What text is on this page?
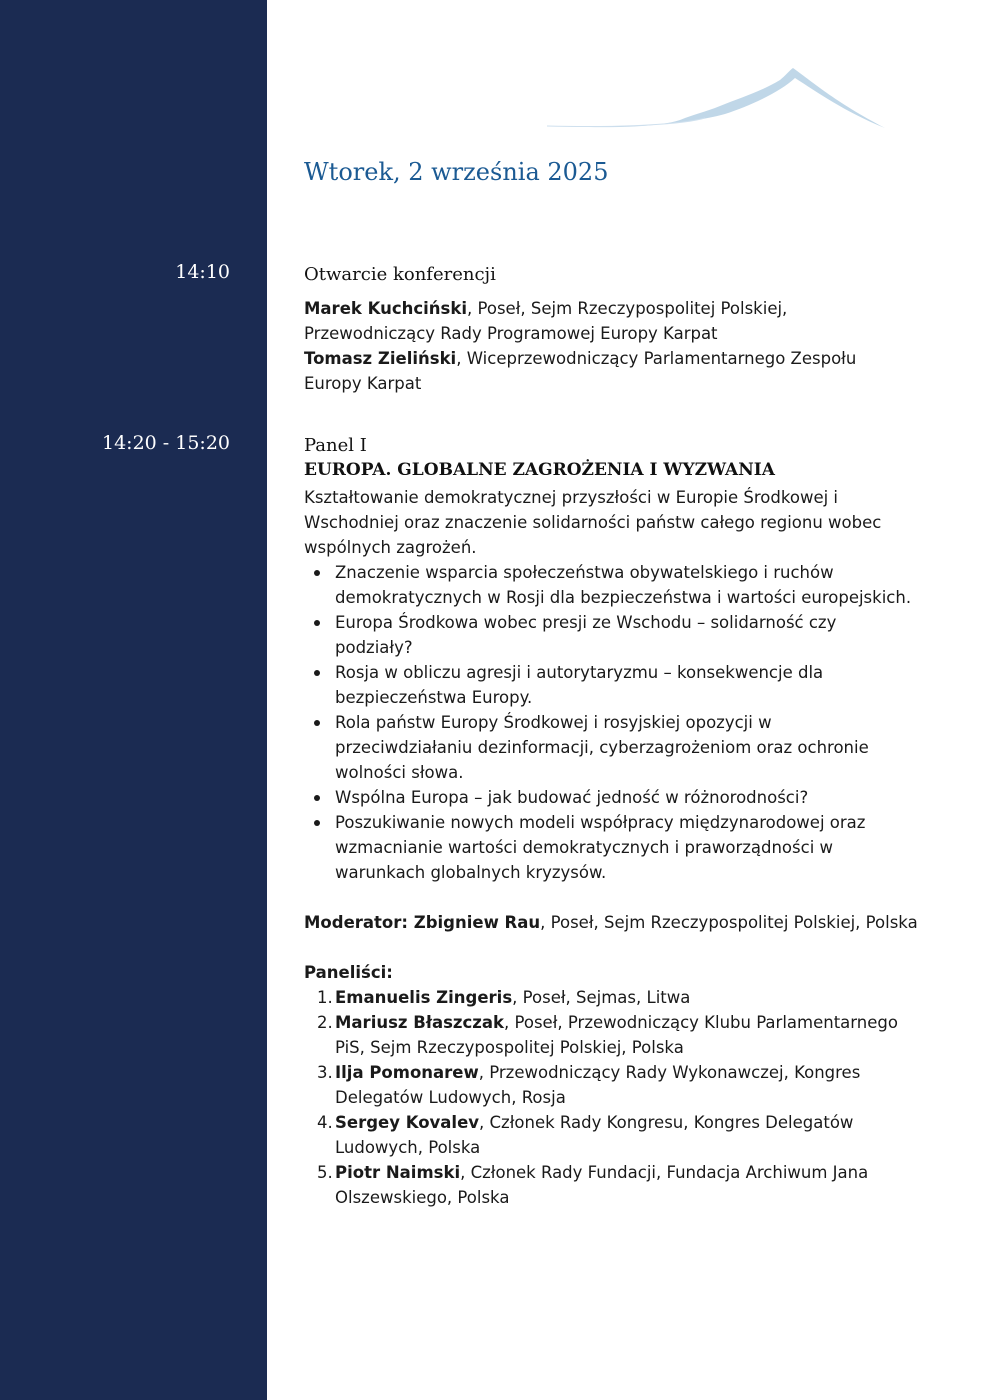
Wtorek, 2 września 2025
14:10
14:20 - 15:20
Otwarcie konferencji
Marek Kuchciński, Poseł, Sejm Rzeczypospolitej Polskiej,
Przewodniczący Rady Programowej Europy Karpat
Tomasz Zieliński, Wiceprzewodniczący Parlamentarnego Zespołu
Europy Karpat
Panel I
EUROPA. GLOBALNE ZAGROŻENIA I WYZWANIA
Kształtowanie demokratycznej przyszłości w Europie Środkowej i
Wschodniej oraz znaczenie solidarności państw całego regionu wobec
wspólnych zagrożeń.
Znaczenie wsparcia społeczeństwa obywatelskiego i ruchów
demokratycznych w Rosji dla bezpieczeństwa i wartości europejskich.
Europa Środkowa wobec presji ze Wschodu – solidarność czy
podziały?
Rosja w obliczu agresji i autorytaryzmu – konsekwencje dla
bezpieczeństwa Europy.
Rola państw Europy Środkowej i rosyjskiej opozycji w
przeciwdziałaniu dezinformacji, cyberzagrożeniom oraz ochronie
wolności słowa.
Wspólna Europa – jak budować jedność w różnorodności?
Poszukiwanie nowych modeli współpracy międzynarodowej oraz
wzmacnianie wartości demokratycznych i praworządności w
warunkach globalnych kryzysów.
Moderator: Zbigniew Rau, Poseł, Sejm Rzeczypospolitej Polskiej, Polska
Paneliści:
1. Emanuelis Zingeris, Poseł, Sejmas, Litwa
2. Mariusz Błaszczak, Poseł, Przewodniczący Klubu Parlamentarnego
PiS, Sejm Rzeczypospolitej Polskiej, Polska
3. Ilja Pomonarew, Przewodniczący Rady Wykonawczej, Kongres
Delegatów Ludowych, Rosja
4. Sergey Kovalev, Członek Rady Kongresu, Kongres Delegatów
Ludowych, Polska
5. Piotr Naimski, Członek Rady Fundacji, Fundacja Archiwum Jana
Olszewskiego, Polska
